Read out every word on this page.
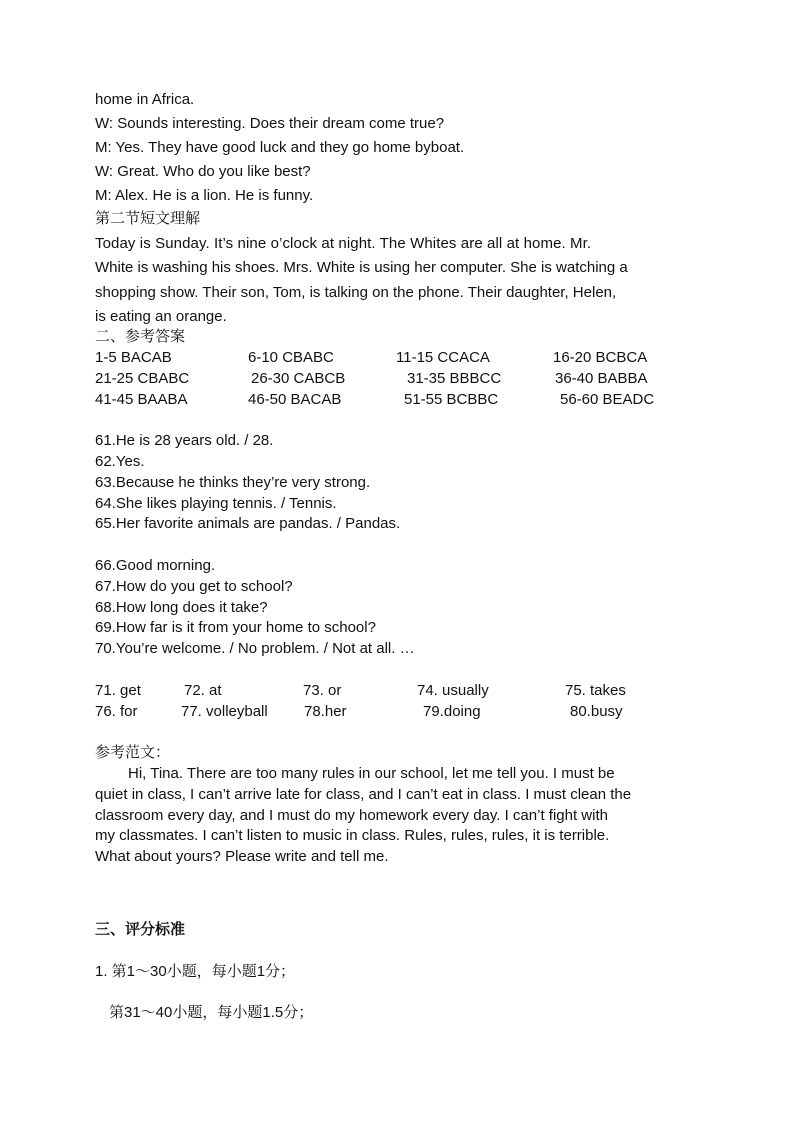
home in Africa.
W: Sounds interesting. Does their dream come true?
M: Yes. They have good luck and they go home byboat.
W: Great. Who do you like best?
M: Alex. He is a lion. He is funny.
第二节短文理解
Today is Sunday. It’s nine o’clock at night. The Whites are all at home. Mr.
White is washing his shoes. Mrs. White is using her computer. She is watching a
shopping show. Their son, Tom, is talking on the phone. Their daughter, Helen,
is eating an orange.
二、参考答案
1-5 BACAB	6-10 CBABC	11-15 CCACA	16-20 BCBCA
21-25 CBABC	26-30 CABCB	31-35 BBBCC	36-40 BABBA
41-45 BAABA	46-50 BACAB	51-55 BCBBC	56-60 BEADC
61.He is 28 years old. / 28.
62.Yes.
63.Because he thinks they’re very strong.
64.She likes playing tennis. / Tennis.
65.Her favorite animals are pandas. / Pandas.
66.Good morning.
67.How do you get to school?
68.How long does it take?
69.How far is it from your home to school?
70.You’re welcome. / No problem. / Not at all. …
71. get	72. at	73. or	74. usually	75. takes
76. for	77. volleyball 78.her	79.doing	80.busy
参考范文：
Hi, Tina. There are too many rules in our school, let me tell you. I must be
quiet in class, I can’t arrive late for class, and I can’t eat in class. I must clean the
classroom every day, and I must do my homework every day. I can’t fight with
my classmates. I can’t listen to music in class. Rules, rules, rules, it is terrible.
What about yours? Please write and tell me.
三、评分标准
1. 第1～30小题，每小题1分；
第31～40小题，每小题1.5分；
